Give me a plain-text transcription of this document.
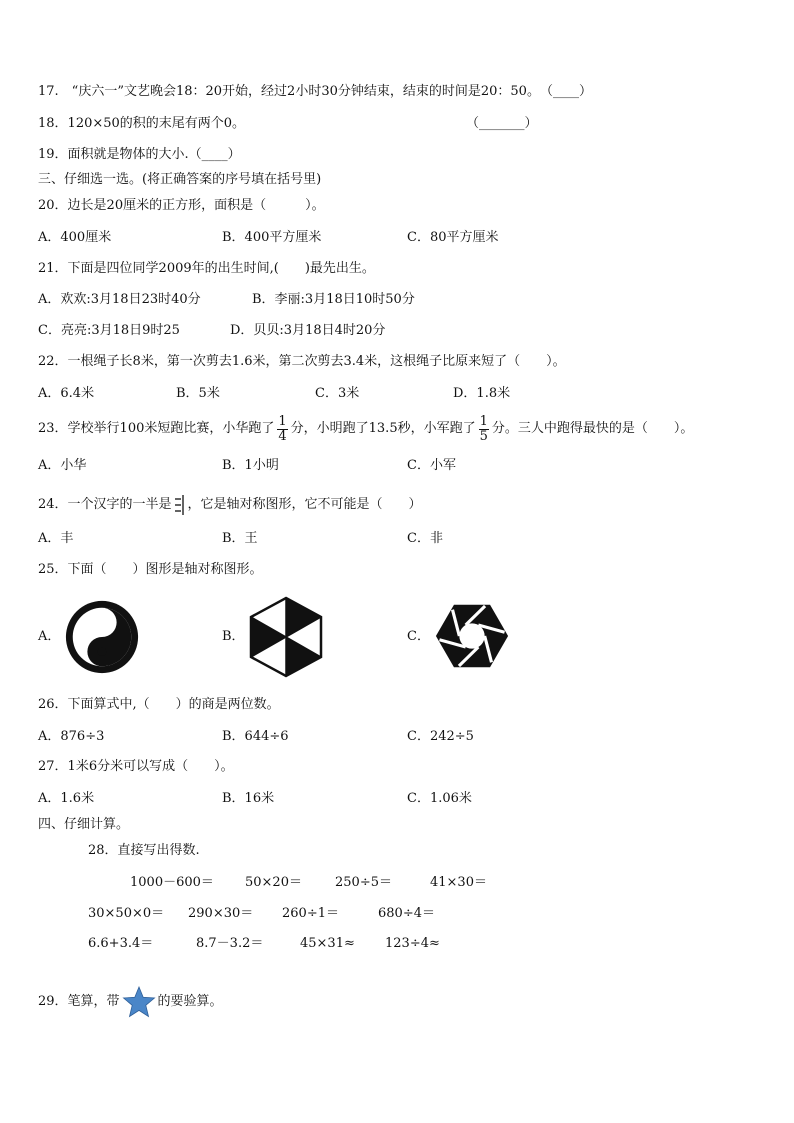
17.　“庆六一”文艺晚会18：20开始，经过2小时30分钟结束，结束的时间是20：50。　（____）
18．120×50的积的末尾有两个0。	（_______）
19．面积就是物体的大小.（____）
三、仔细选一选。(将正确答案的序号填在括号里)
20．边长是20厘米的正方形，面积是（　　　）。
A．400厘米	B．400平方厘米	C．80平方厘米
21．下面是四位同学2009年的出生时间,(　　)最先出生。
A．欢欢:3月18日23时40分	B．李丽:3月18日10时50分
C．亮亮:3月18日9时25	D．贝贝:3月18日4时20分
22．一根绳子长8米，第一次剪去1.6米，第二次剪去3.4米，这根绳子比原来短了（　　）。
A．6.4米	B．5米	C．3米	D．1.8米
23．学校举行100米短跑比赛，小华跑了 $\frac{1}{4}$ 分，小明跑了13.5秒，小军跑了 $\frac{1}{5}$ 分。三人中跑得最快的是（　　）。
A．小华	B．1小明	C．小军
24．一个汉字的一半是 ，它是轴对称图形，它不可能是（　　）
A．丰	B．王	C．非
25．下面（　　）图形是轴对称图形。
A．	B．	C．
26．下面算式中,（　　）的商是两位数。
A．876÷3	B．644÷6	C．242÷5
27．1米6分米可以写成（　　）。
A．1.6米	B．16米	C．1.06米
四、仔细计算。
28．直接写出得数.
1000－600＝ 50×20＝	250÷5＝	41×30＝
30×50×0＝ 290×30＝ 260÷1＝	680÷4＝
6.6+3.4＝	8.7－3.2＝	45×31≈ 123÷4≈
29．笔算，带	的要验算。
